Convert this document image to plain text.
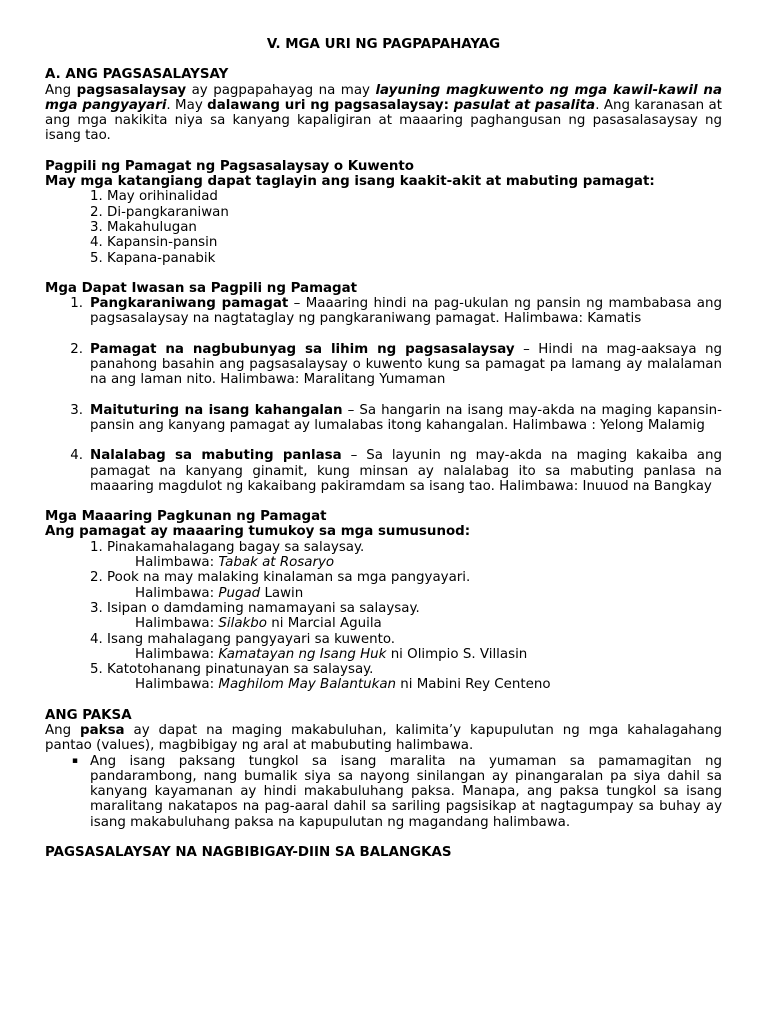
V. MGA URI NG PAGPAPAHAYAG
A. ANG PAGSASALAYSAY
Ang pagsasalaysay ay pagpapahayag na may layuning magkuwento ng mga kawil-kawil na mga pangyayari. May dalawang uri ng pagsasalaysay: pasulat at pasalita. Ang karanasan at ang mga nakikita niya sa kanyang kapaligiran at maaaring paghangusan ng pasasalasaysay ng isang tao.
Pagpili ng Pamagat ng Pagsasalaysay o Kuwento
May mga katangiang dapat taglayin ang isang kaakit-akit at mabuting pamagat:
1. May orihinalidad
2. Di-pangkaraniwan
3. Makahulugan
4. Kapansin-pansin
5. Kapana-panabik
Mga Dapat Iwasan sa Pagpili ng Pamagat
1. Pangkaraniwang pamagat – Maaaring hindi na pag-ukulan ng pansin ng mambabasa ang pagsasalaysay na nagtataglay ng pangkaraniwang pamagat. Halimbawa: Kamatis
2. Pamagat na nagbubunyag sa lihim ng pagsasalaysay – Hindi na mag-aaksaya ng panahong basahin ang pagsasalaysay o kuwento kung sa pamagat pa lamang ay malalaman na ang laman nito. Halimbawa: Maralitang Yumaman
3. Maituturing na isang kahangalan – Sa hangarin na isang may-akda na maging kapansin-pansin ang kanyang pamagat ay lumalabas itong kahangalan. Halimbawa : Yelong Malamig
4. Nalalabag sa mabuting panlasa – Sa layunin ng may-akda na maging kakaiba ang pamagat na kanyang ginamit, kung minsan ay nalalabag ito sa mabuting panlasa na maaaring magdulot ng kakaibang pakiramdam sa isang tao. Halimbawa: Inuuod na Bangkay
Mga Maaaring Pagkunan ng Pamagat
Ang pamagat ay maaaring tumukoy sa mga sumusunod:
1. Pinakamahalagang bagay sa salaysay.
Halimbawa: Tabak at Rosaryo
2. Pook na may malaking kinalaman sa mga pangyayari.
Halimbawa: Pugad Lawin
3. Isipan o damdaming namamayani sa salaysay.
Halimbawa: Silakbo ni Marcial Aguila
4. Isang mahalagang pangyayari sa kuwento.
Halimbawa: Kamatayan ng Isang Huk ni Olimpio S. Villasin
5. Katotohanang pinatunayan sa salaysay.
Halimbawa: Maghilom May Balantukan ni Mabini Rey Centeno
ANG PAKSA
Ang paksa ay dapat na maging makabuluhan, kalimita’y kapupulutan ng mga kahalagahang pantao (values), magbibigay ng aral at mabubuting halimbawa.
▪ Ang isang paksang tungkol sa isang maralita na yumaman sa pamamagitan ng pandarambong, nang bumalik siya sa nayong sinilangan ay pinangaralan pa siya dahil sa kanyang kayamanan ay hindi makabuluhang paksa. Manapa, ang paksa tungkol sa isang maralitang nakatapos na pag-aaral dahil sa sariling pagsisikap at nagtagumpay sa buhay ay isang makabuluhang paksa na kapupulutan ng magandang halimbawa.
PAGSASALAYSAY NA NAGBIBIGAY-DIIN SA BALANGKAS
